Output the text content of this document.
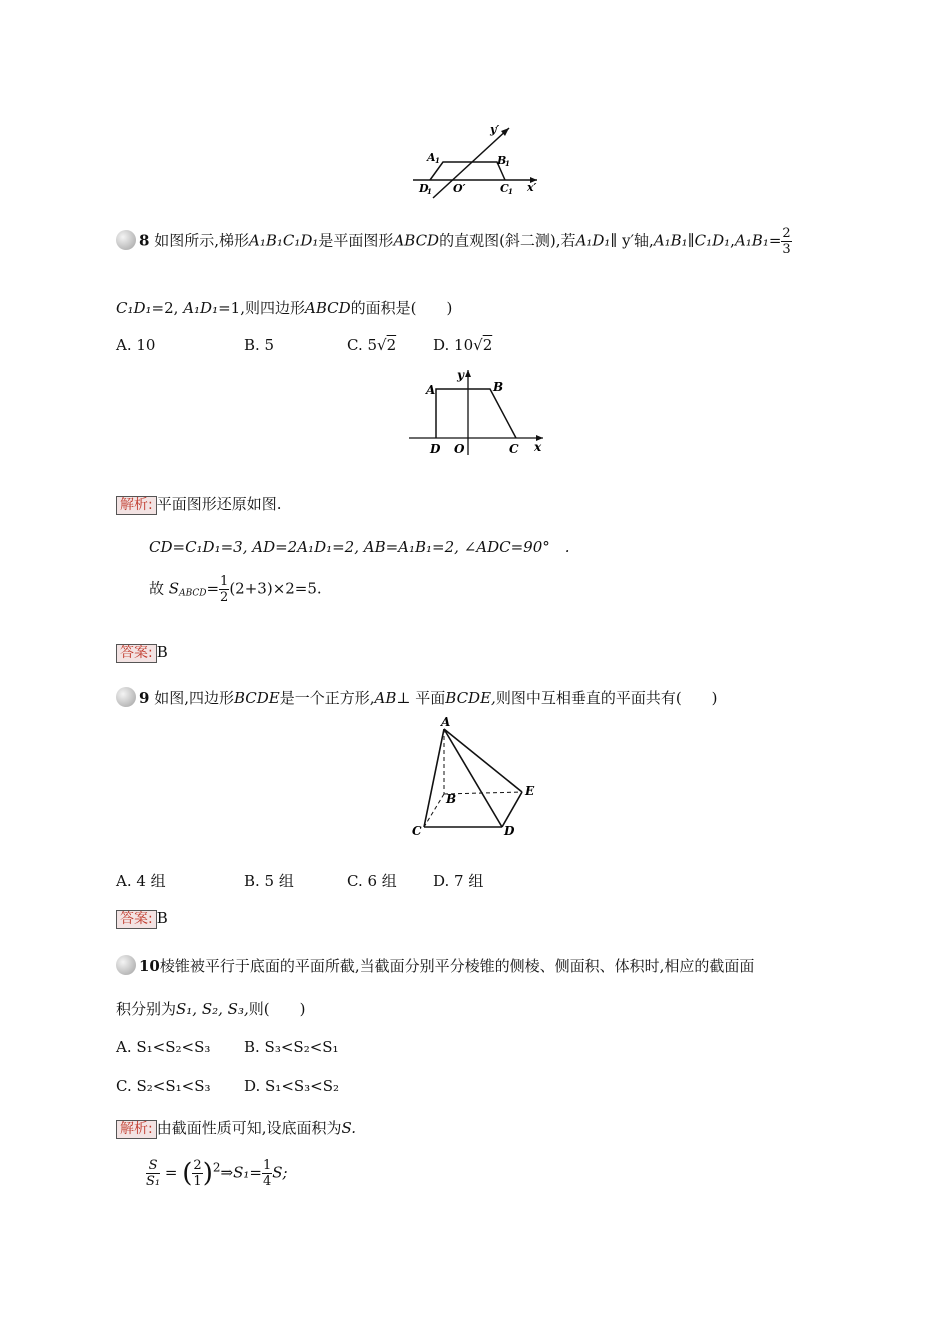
y′
x′
A 1	B
1
D
1	C 1
O′
8 如图所示,梯形A₁B₁C₁D₁是平面图形ABCD的直观图(斜二测),若A₁D₁∥ y′轴,A₁B₁∥C₁D₁,A₁B₁= $\frac{2}{3}$
C₁D₁=2, A₁D₁=1,则四边形ABCD的面积是(　　)
A. 10	B. 5	C. 5√2 D. 10√2
A	B
D O	C x
y
解析: 平面图形还原如图.
CD=C₁D₁=3, AD=2A₁D₁=2, AB=A₁B₁=2, ∠ADC=90°　.
故 $S_{ABCD}= \frac{1}{2} (2+3)\times 2=5$.
答案: B
9 如图,四边形BCDE是一个正方形,AB⊥ 平面BCDE,则图中互相垂直的平面共有(　　)
A
B
C	D
E
A. 4 组	B. 5 组	C. 6 组 D. 7 组
答案: B
10棱锥被平行于底面的平面所截,当截面分别平分棱锥的侧棱、侧面积、体积时,相应的截面面
积分别为S₁, S₂, S₃,则(　　)
A. S₁<S₂<S₃ B. S₃<S₂<S₁
C. S₂<S₁<S₃ D. S₁<S₃<S₂
解析: 由截面性质可知,设底面积为S.
$\frac{S}{\text{S₁}}$ = ( $\frac{2}{1}$ )$^2$⇒S₁= $\frac{1}{4} S$;
